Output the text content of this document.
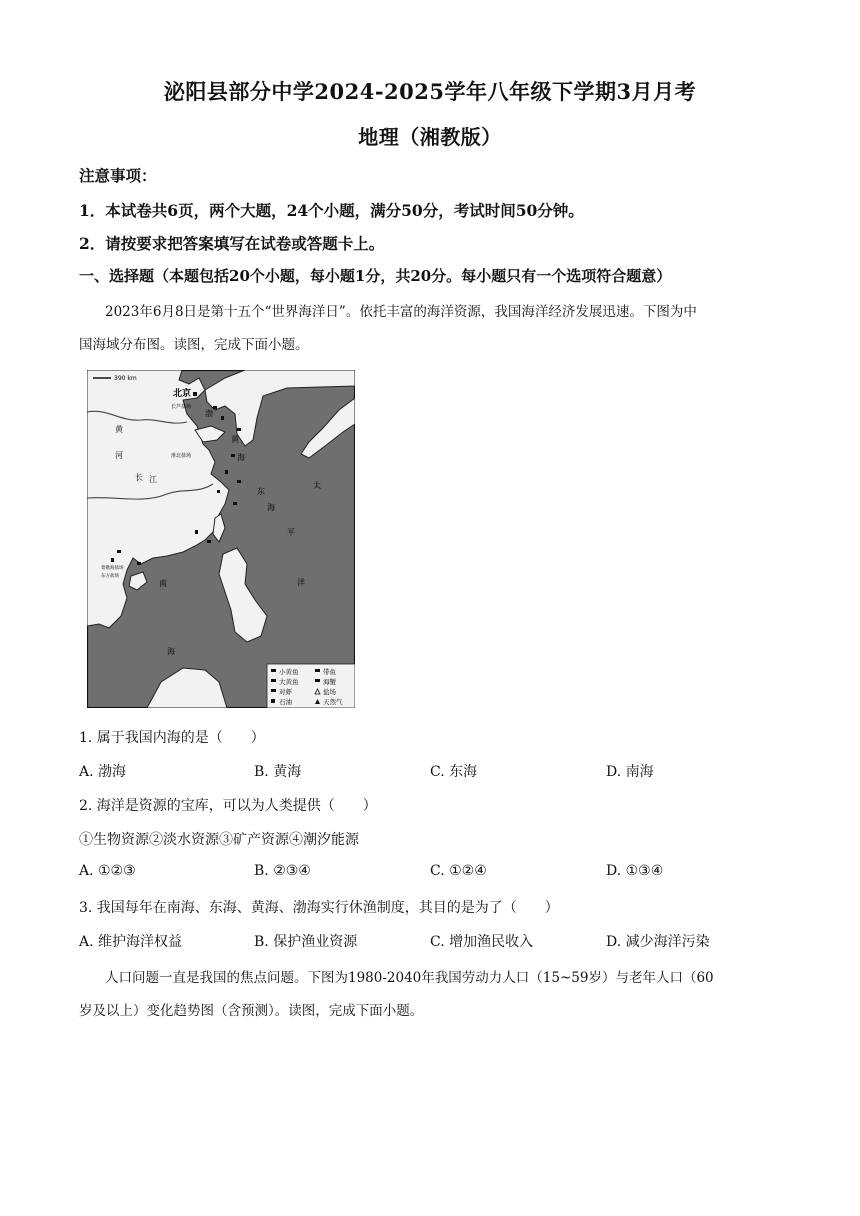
泌阳县部分中学2024-2025学年八年级下学期3月月考
地理（湘教版）
注意事项：
1．本试卷共6页，两个大题，24个小题，满分50分，考试时间50分钟。
2．请按要求把答案填写在试卷或答题卡上。
一、选择题（本题包括20个小题，每小题1分，共20分。每小题只有一个选项符合题意）
2023年6月8日是第十五个“世界海洋日”。依托丰富的海洋资源，我国海洋经济发展迅速。下图为中
国海域分布图。读图，完成下面小题。
390 km
北京
长芦盐场
淮北盐场
莺歌海盐场
东方盐场
黄
河
长 江
渤
黄
海
东
海
南
海
太
平
洋
小黄鱼
大黄鱼
对虾
石油
带鱼
海蟹
盐场
天然气
1. 属于我国内海的是（　　）
A. 渤海	B. 黄海	C. 东海	D. 南海
2. 海洋是资源的宝库，可以为人类提供（　　）
①生物资源②淡水资源③矿产资源④潮汐能源
A. ①②③	B. ②③④	C. ①②④	D. ①③④
3. 我国每年在南海、东海、黄海、渤海实行休渔制度，其目的是为了（　　）
A. 维护海洋权益	B. 保护渔业资源	C. 增加渔民收入	D. 减少海洋污染
人口问题一直是我国的焦点问题。下图为1980-2040年我国劳动力人口（15~59岁）与老年人口（60
岁及以上）变化趋势图（含预测）。读图，完成下面小题。
